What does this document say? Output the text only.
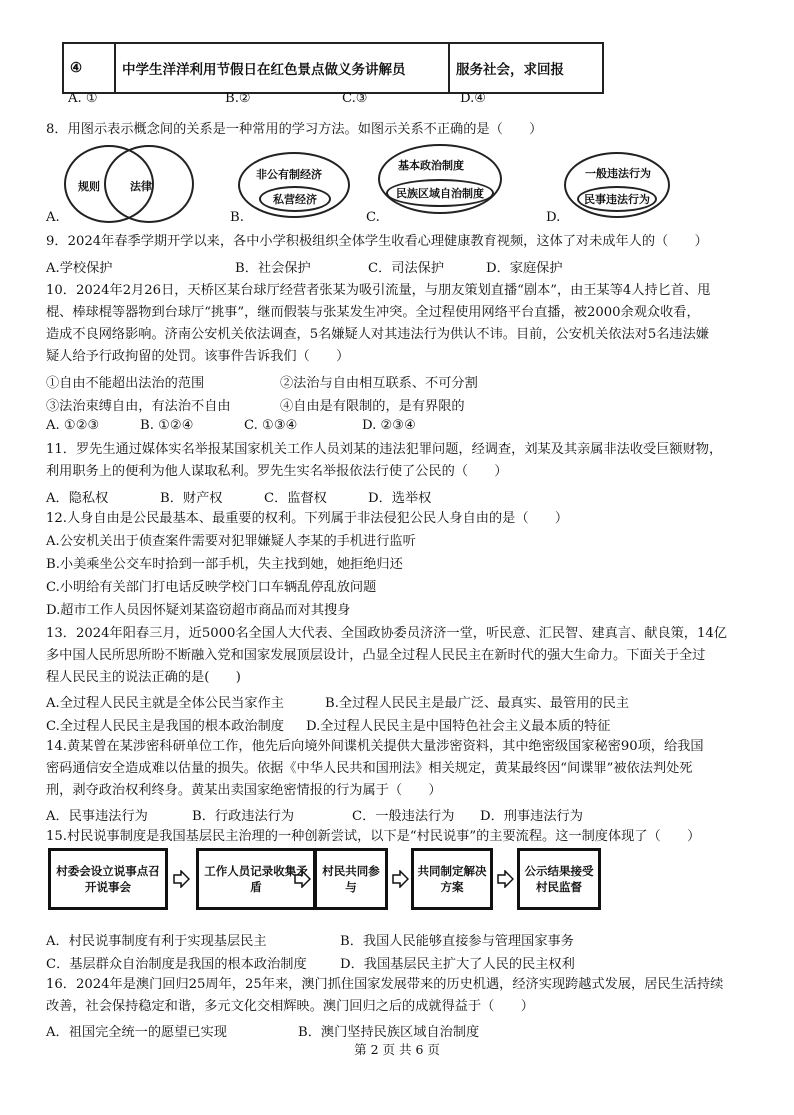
④	中学生洋洋利用节假日在红色景点做义务讲解员	服务社会，求回报
A. ①	B.②	C.③	D.④
8．用图示表示概念间的关系是一种常用的学习方法。如图示关系不正确的是（　　）
规则	法律
A.
非公有制经济
私营经济
B.
基本政治制度
民族区域自治制度
C.
一般违法行为
民事违法行为
D.
9．2024年春季学期开学以来，各中小学积极组织全体学生收看心理健康教育视频，这体了对未成年人的（　　）
A.学校保护	B．社会保护	C．司法保护	D．家庭保护
10．2024年2月26日，天桥区某台球厅经营者张某为吸引流量，与朋友策划直播“剧本”，由王某等4人持匕首、甩
棍、棒球棍等器物到台球厅“挑事”，继而假装与张某发生冲突。全过程使用网络平台直播，被2000余观众收看，
造成不良网络影响。济南公安机关依法调查，5名嫌疑人对其违法行为供认不讳。目前，公安机关依法对5名违法嫌
疑人给予行政拘留的处罚。该事件告诉我们（　　）
①自由不能超出法治的范围	②法治与自由相互联系、不可分割
③法治束缚自由，有法治不自由	④自由是有限制的，是有界限的
A. ①②③	B. ①②④	C. ①③④	D. ②③④
11．罗先生通过媒体实名举报某国家机关工作人员刘某的违法犯罪问题，经调查，刘某及其亲属非法收受巨额财物，
利用职务上的便利为他人谋取私利。罗先生实名举报依法行使了公民的（　　）
A．隐私权	B．财产权	C．监督权	D．选举权
12.人身自由是公民最基本、最重要的权利。下列属于非法侵犯公民人身自由的是（　　）
A.公安机关出于侦查案件需要对犯罪嫌疑人李某的手机进行监听
B.小美乘坐公交车时拾到一部手机，失主找到她，她拒绝归还
C.小明给有关部门打电话反映学校门口车辆乱停乱放问题
D.超市工作人员因怀疑刘某盗窃超市商品而对其搜身
13．2024年阳春三月，近5000名全国人大代表、全国政协委员济济一堂，听民意、汇民智、建真言、献良策，14亿
多中国人民所思所盼不断融入党和国家发展顶层设计，凸显全过程人民民主在新时代的强大生命力。下面关于全过
程人民民主的说法正确的是(　　)
A.全过程人民民主就是全体公民当家作主	B.全过程人民民主是最广泛、最真实、最管用的民主
C.全过程人民民主是我国的根本政治制度 D.全过程人民民主是中国特色社会主义最本质的特征
14.黄某曾在某涉密科研单位工作，他先后向境外间谍机关提供大量涉密资料，其中绝密级国家秘密90项，给我国
密码通信安全造成难以估量的损失。依据《中华人民共和国刑法》相关规定，黄某最终因“间谍罪”被依法判处死
刑，剥夺政治权利终身。黄某出卖国家绝密情报的行为属于（　　）
A．民事违法行为	B．行政违法行为	C．一般违法行为 D．刑事违法行为
15.村民说事制度是我国基层民主治理的一种创新尝试，以下是“村民说事”的主要流程。这一制度体现了（　　）
村委会设立说事点召开说事会
工作人员记录收集矛盾
村民共同参与
共同制定解决方案
公示结果接受村民监督
A．村民说事制度有利于实现基层民主	B．我国人民能够直接参与管理国家事务
C．基层群众自治制度是我国的根本政治制度	D．我国基层民主扩大了人民的民主权利
16．2024年是澳门回归25周年，25年来，澳门抓住国家发展带来的历史机遇，经济实现跨越式发展，居民生活持续
改善，社会保持稳定和谐，多元文化交相辉映。澳门回归之后的成就得益于（　　）
A．祖国完全统一的愿望已实现	B．澳门坚持民族区域自治制度
第 2 页 共 6 页
